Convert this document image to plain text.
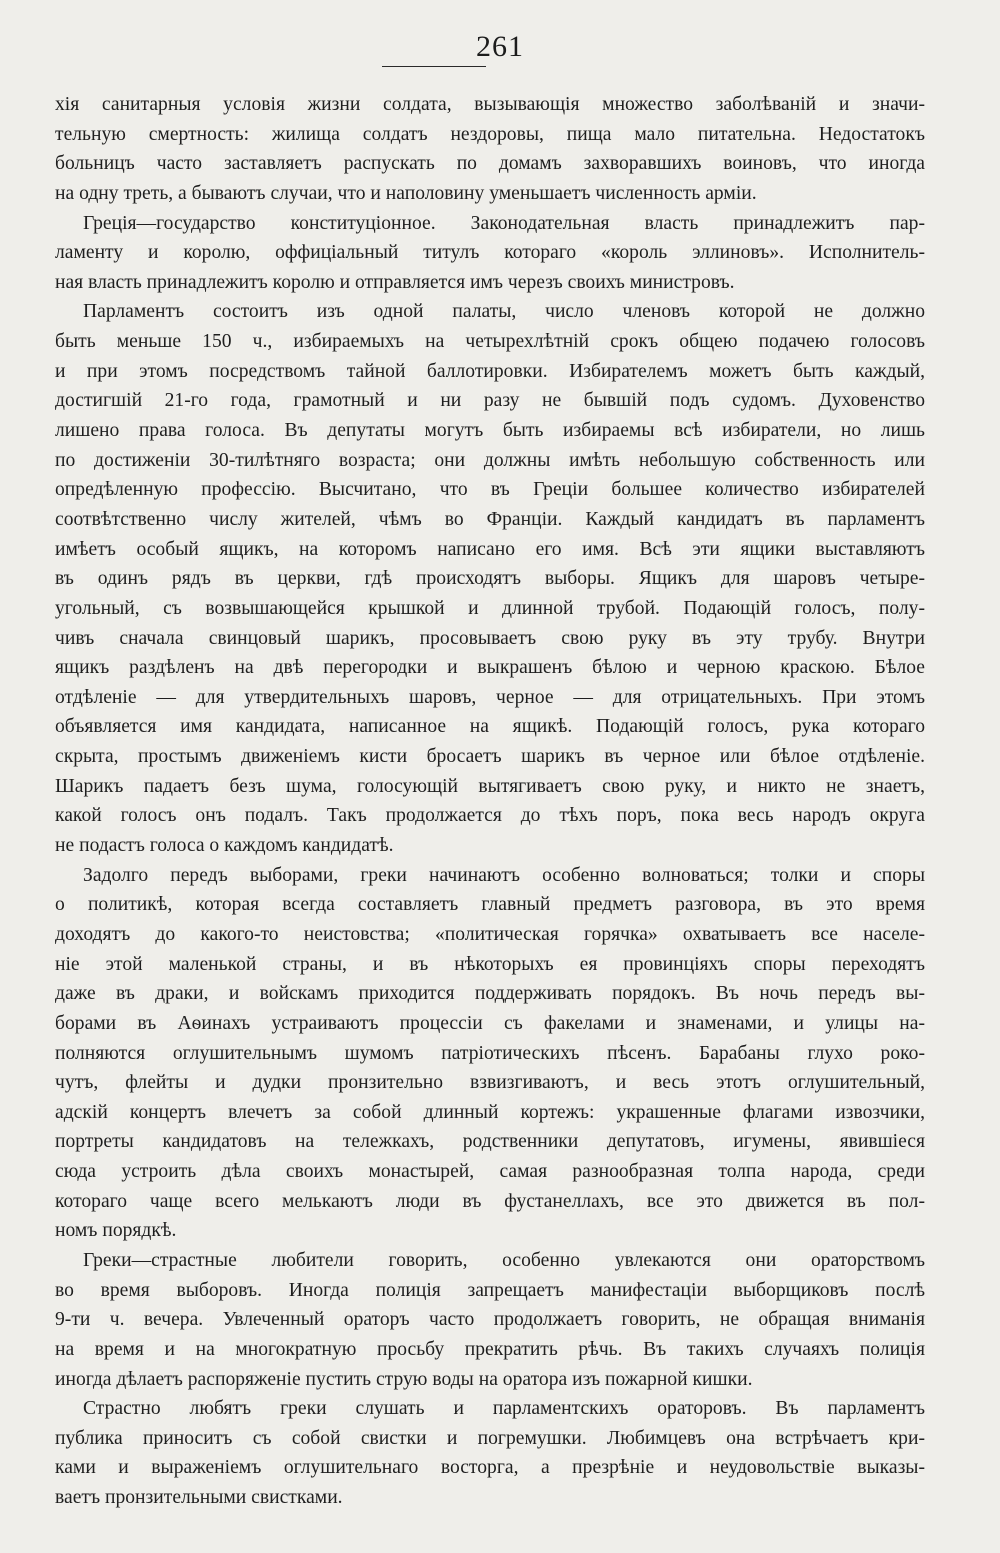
261
хія санитарныя условія жизни солдата, вызывающія множество заболѣваній и значи-
тельную смертность: жилища солдатъ нездоровы, пища мало питательна. Недостатокъ
больницъ часто заставляетъ распускать по домамъ захворавшихъ воиновъ, что иногда
на одну треть, а бываютъ случаи, что и наполовину уменьшаетъ численность арміи.
Греція—государство конституціонное. Законодательная власть принадлежитъ пар-
ламенту и королю, оффиціальный титулъ котораго «король эллиновъ». Исполнитель-
ная власть принадлежитъ королю и отправляется имъ черезъ своихъ министровъ.
Парламентъ состоитъ изъ одной палаты, число членовъ которой не должно
быть меньше 150 ч., избираемыхъ на четырехлѣтній срокъ общею подачею голосовъ
и при этомъ посредствомъ тайной баллотировки. Избирателемъ можетъ быть каждый,
достигшій 21-го года, грамотный и ни разу не бывшій подъ судомъ. Духовенство
лишено права голоса. Въ депутаты могутъ быть избираемы всѣ избиратели, но лишь
по достиженіи 30-тилѣтняго возраста; они должны имѣть небольшую собственность или
опредѣленную профессію. Высчитано, что въ Греціи большее количество избирателей
соотвѣтственно числу жителей, чѣмъ во Франціи. Каждый кандидатъ въ парламентъ
имѣетъ особый ящикъ, на которомъ написано его имя. Всѣ эти ящики выставляютъ
въ одинъ рядъ въ церкви, гдѣ происходятъ выборы. Ящикъ для шаровъ четыре-
угольный, съ возвышающейся крышкой и длинной трубой. Подающій голосъ, полу-
чивъ сначала свинцовый шарикъ, просовываетъ свою руку въ эту трубу. Внутри
ящикъ раздѣленъ на двѣ перегородки и выкрашенъ бѣлою и черною краскою. Бѣлое
отдѣленіе — для утвердительныхъ шаровъ, черное — для отрицательныхъ. При этомъ
объявляется имя кандидата, написанное на ящикѣ. Подающій голосъ, рука котораго
скрыта, простымъ движеніемъ кисти бросаетъ шарикъ въ черное или бѣлое отдѣленіе.
Шарикъ падаетъ безъ шума, голосующій вытягиваетъ свою руку, и никто не знаетъ,
какой голосъ онъ подалъ. Такъ продолжается до тѣхъ поръ, пока весь народъ округа
не подастъ голоса о каждомъ кандидатѣ.
Задолго передъ выборами, греки начинаютъ особенно волноваться; толки и споры
о политикѣ, которая всегда составляетъ главный предметъ разговора, въ это время
доходятъ до какого-то неистовства; «политическая горячка» охватываетъ все населе-
ніе этой маленькой страны, и въ нѣкоторыхъ ея провинціяхъ споры переходятъ
даже въ драки, и войскамъ приходится поддерживать порядокъ. Въ ночь передъ вы-
борами въ Аѳинахъ устраиваютъ процессіи съ факелами и знаменами, и улицы на-
полняются оглушительнымъ шумомъ патріотическихъ пѣсенъ. Барабаны глухо роко-
чутъ, флейты и дудки пронзительно взвизгиваютъ, и весь этотъ оглушительный,
адскій концертъ влечетъ за собой длинный кортежъ: украшенные флагами извозчики,
портреты кандидатовъ на тележкахъ, родственники депутатовъ, игумены, явившіеся
сюда устроить дѣла своихъ монастырей, самая разнообразная толпа народа, среди
котораго чаще всего мелькаютъ люди въ фустанеллахъ, все это движется въ пол-
номъ порядкѣ.
Греки—страстные любители говорить, особенно увлекаются они ораторствомъ
во время выборовъ. Иногда полиція запрещаетъ манифестаціи выборщиковъ послѣ
9-ти ч. вечера. Увлеченный ораторъ часто продолжаетъ говорить, не обращая вниманія
на время и на многократную просьбу прекратить рѣчь. Въ такихъ случаяхъ полиція
иногда дѣлаетъ распоряженіе пустить струю воды на оратора изъ пожарной кишки.
Страстно любятъ греки слушать и парламентскихъ ораторовъ. Въ парламентъ
публика приноситъ съ собой свистки и погремушки. Любимцевъ она встрѣчаетъ кри-
ками и выраженіемъ оглушительнаго восторга, а презрѣніе и неудовольствіе выказы-
ваетъ пронзительными свистками.
